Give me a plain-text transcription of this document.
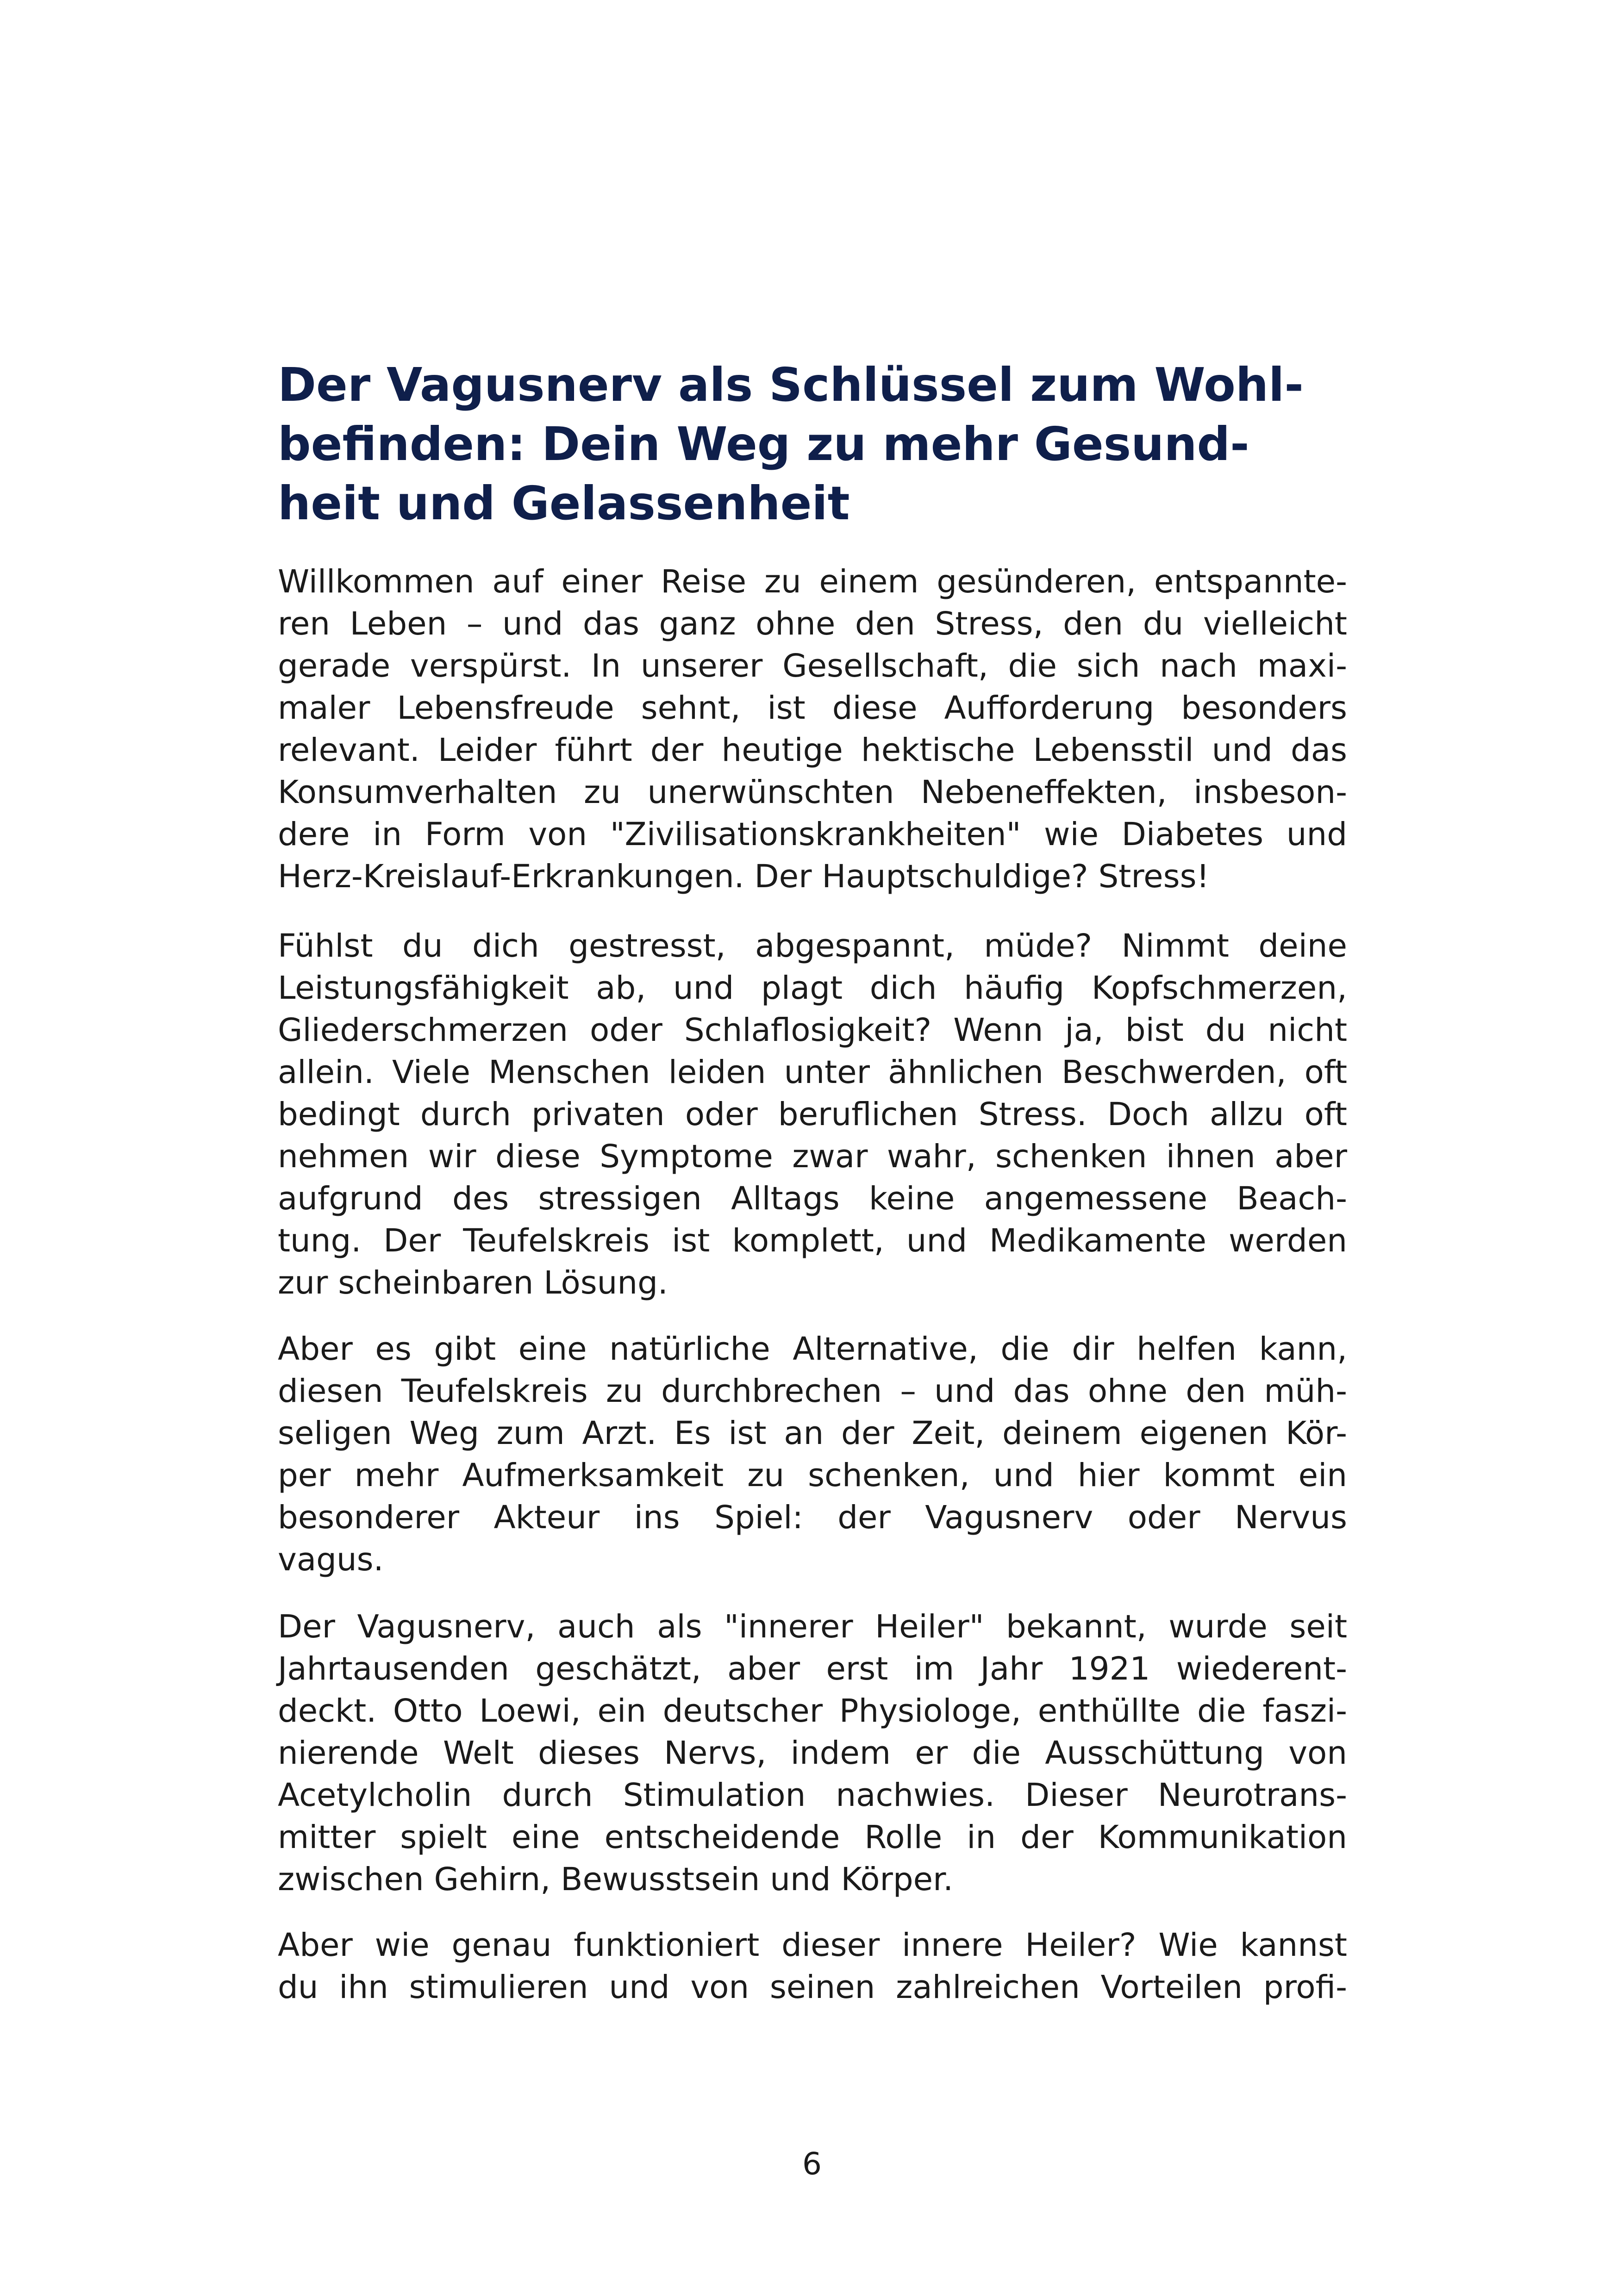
Der Vagusnerv als Schlüssel zum Wohl-
befinden: Dein Weg zu mehr Gesund-
heit und Gelassenheit
Willkommen auf einer Reise zu einem gesünderen, entspannte-
ren Leben – und das ganz ohne den Stress, den du vielleicht
gerade verspürst. In unserer Gesellschaft, die sich nach maxi-
maler Lebensfreude sehnt, ist diese Aufforderung besonders
relevant. Leider führt der heutige hektische Lebensstil und das
Konsumverhalten zu unerwünschten Nebeneffekten, insbeson-
dere in Form von "Zivilisationskrankheiten" wie Diabetes und
Herz-Kreislauf-Erkrankungen. Der Hauptschuldige? Stress!
Fühlst du dich gestresst, abgespannt, müde? Nimmt deine
Leistungsfähigkeit ab, und plagt dich häufig Kopfschmerzen,
Gliederschmerzen oder Schlaflosigkeit? Wenn ja, bist du nicht
allein. Viele Menschen leiden unter ähnlichen Beschwerden, oft
bedingt durch privaten oder beruflichen Stress. Doch allzu oft
nehmen wir diese Symptome zwar wahr, schenken ihnen aber
aufgrund des stressigen Alltags keine angemessene Beach-
tung. Der Teufelskreis ist komplett, und Medikamente werden
zur scheinbaren Lösung.
Aber es gibt eine natürliche Alternative, die dir helfen kann,
diesen Teufelskreis zu durchbrechen – und das ohne den müh-
seligen Weg zum Arzt. Es ist an der Zeit, deinem eigenen Kör-
per mehr Aufmerksamkeit zu schenken, und hier kommt ein
besonderer Akteur ins Spiel: der Vagusnerv oder Nervus
vagus.
Der Vagusnerv, auch als "innerer Heiler" bekannt, wurde seit
Jahrtausenden geschätzt, aber erst im Jahr 1921 wiederent-
deckt. Otto Loewi, ein deutscher Physiologe, enthüllte die faszi-
nierende Welt dieses Nervs, indem er die Ausschüttung von
Acetylcholin durch Stimulation nachwies. Dieser Neurotrans-
mitter spielt eine entscheidende Rolle in der Kommunikation
zwischen Gehirn, Bewusstsein und Körper.
Aber wie genau funktioniert dieser innere Heiler? Wie kannst
du ihn stimulieren und von seinen zahlreichen Vorteilen profi-
6
